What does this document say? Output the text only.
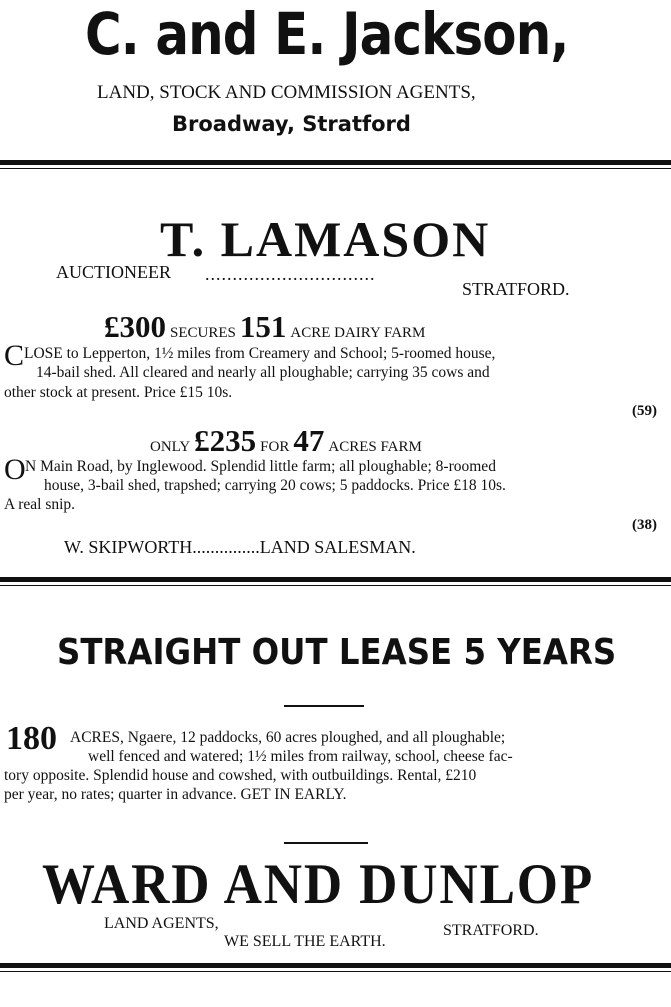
C. and E. Jackson,
LAND, STOCK AND COMMISSION AGENTS,
Broadway, Stratford
T. LAMASON
AUCTIONEER ...............................
STRATFORD.
£300 SECURES 151 ACRE DAIRY FARM
C LOSE to Lepperton, 1½ miles from Creamery and School; 5-roomed house,
14-bail shed. All cleared and nearly all ploughable; carrying 35 cows and
other stock at present. Price £15 10s.
(59)
ONLY £235 FOR 47 ACRES FARM
O N Main Road, by Inglewood. Splendid little farm; all ploughable; 8-roomed
house, 3-bail shed, trapshed; carrying 20 cows; 5 paddocks. Price £18 10s.
A real snip.
(38)
W. SKIPWORTH...............LAND SALESMAN.
STRAIGHT OUT LEASE 5 YEARS
180 ACRES, Ngaere, 12 paddocks, 60 acres ploughed, and all ploughable;
well fenced and watered; 1½ miles from railway, school, cheese fac-
tory opposite. Splendid house and cowshed, with outbuildings. Rental, £210
per year, no rates; quarter in advance. GET IN EARLY.
WARD AND DUNLOP
LAND AGENTS,
WE SELL THE EARTH.
STRATFORD.
